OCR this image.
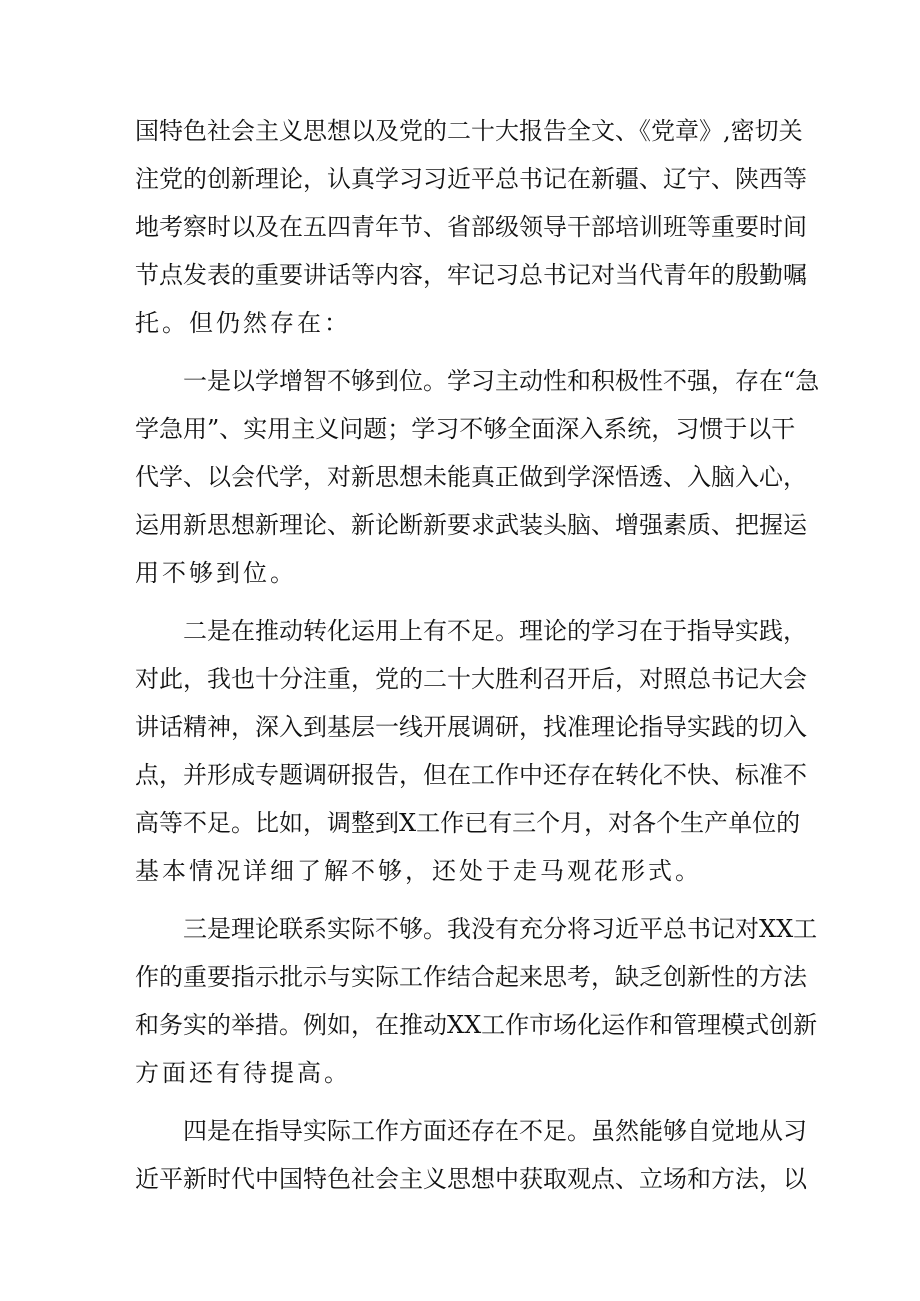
国特色社会主义思想以及党的二十大报告全文、《党章》,密切关
注党的创新理论，认真学习习近平总书记在新疆、辽宁、陕西等
地考察时以及在五四青年节、省部级领导干部培训班等重要时间
节点发表的重要讲话等内容，牢记习总书记对当代青年的殷勤嘱
托。但仍然存在：
一是以学增智不够到位。学习主动性和积极性不强，存在“急
学急用”、实用主义问题；学习不够全面深入系统，习惯于以干
代学、以会代学，对新思想未能真正做到学深悟透、入脑入心，
运用新思想新理论、新论断新要求武装头脑、增强素质、把握运
用不够到位。
二是在推动转化运用上有不足。理论的学习在于指导实践，
对此，我也十分注重，党的二十大胜利召开后，对照总书记大会
讲话精神，深入到基层一线开展调研，找准理论指导实践的切入
点，并形成专题调研报告，但在工作中还存在转化不快、标准不
高等不足。比如，调整到X工作已有三个月，对各个生产单位的
基本情况详细了解不够，还处于走马观花形式。
三是理论联系实际不够。我没有充分将习近平总书记对XX工
作的重要指示批示与实际工作结合起来思考，缺乏创新性的方法
和务实的举措。例如，在推动XX工作市场化运作和管理模式创新
方面还有待提高。
四是在指导实际工作方面还存在不足。虽然能够自觉地从习
近平新时代中国特色社会主义思想中获取观点、立场和方法，以
